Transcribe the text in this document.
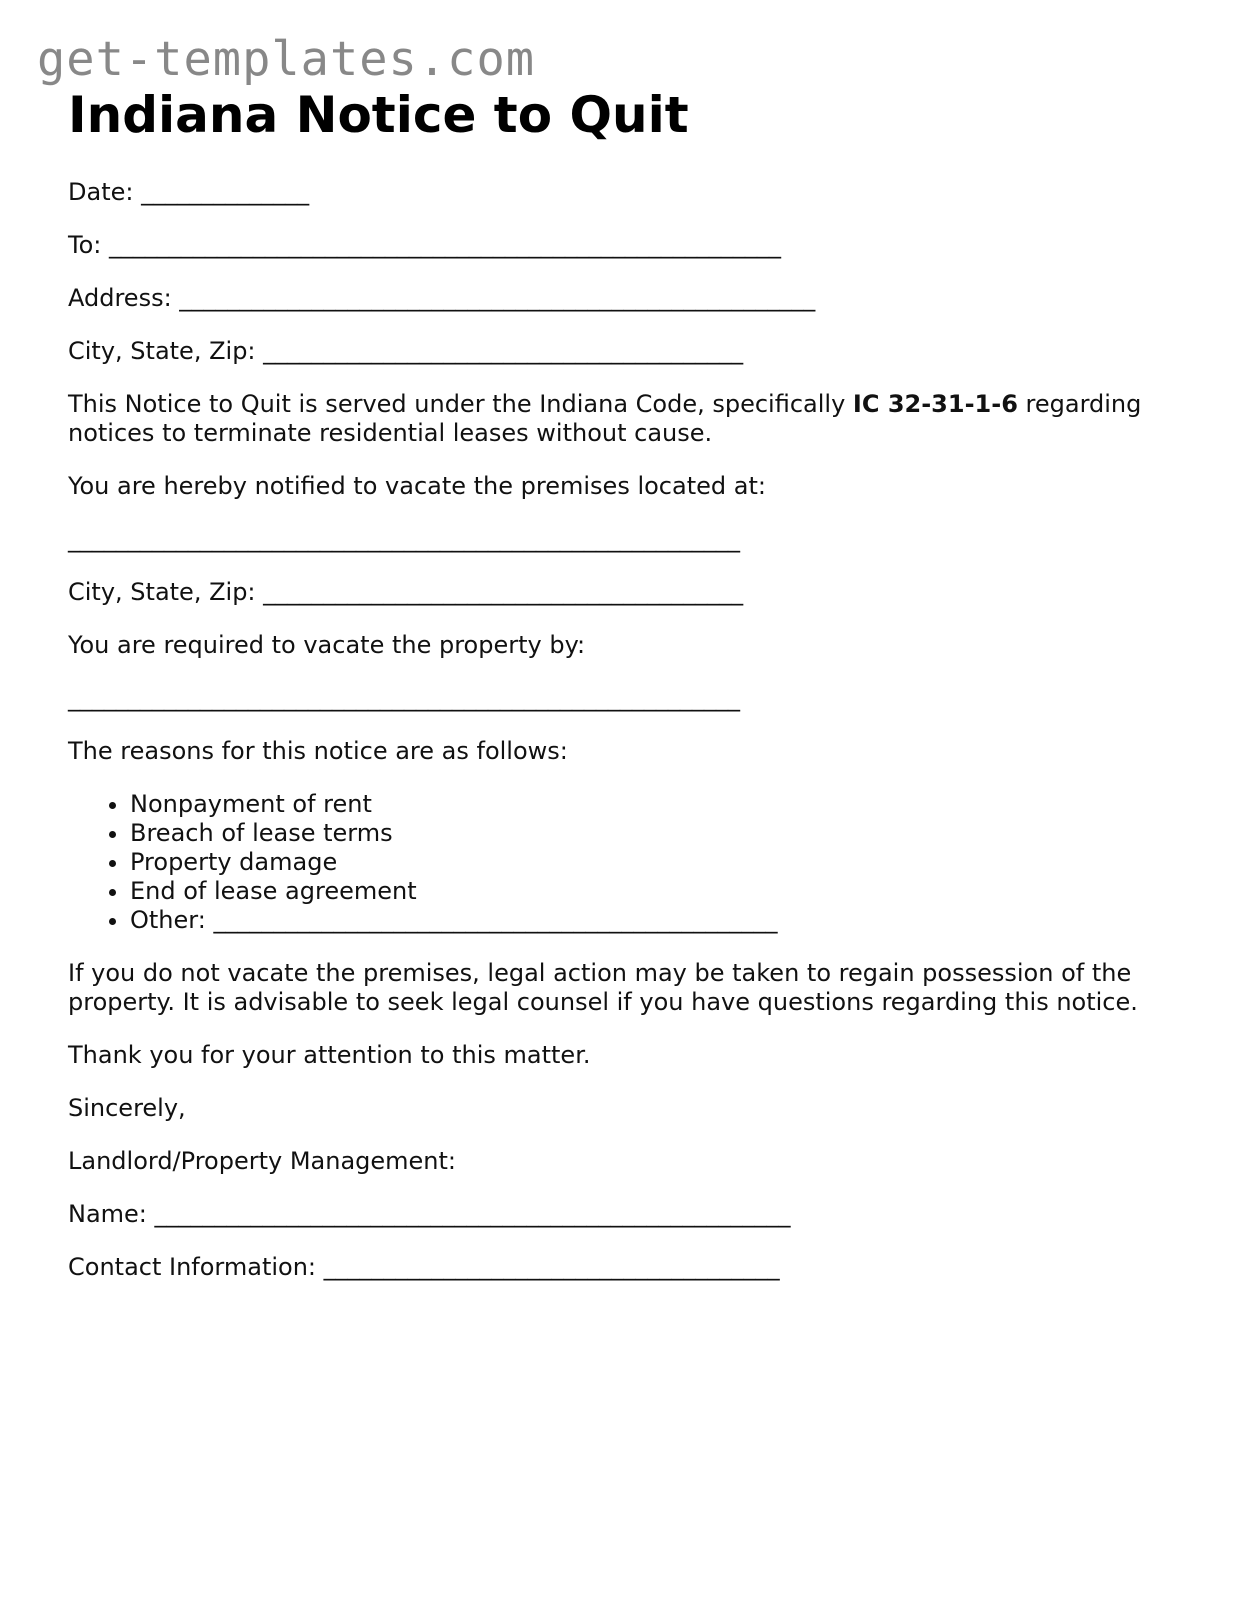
get-templates.com
Indiana Notice to Quit

Date: ______________

To: ________________________________________________________

Address: _____________________________________________________

City, State, Zip: ________________________________________

This Notice to Quit is served under the Indiana Code, specifically IC 32-31-1-6 regarding notices to terminate residential leases without cause.

You are hereby notified to vacate the premises located at:

________________________________________________________

City, State, Zip: ________________________________________

You are required to vacate the property by:

________________________________________________________

The reasons for this notice are as follows:

• Nonpayment of rent
• Breach of lease terms
• Property damage
• End of lease agreement
• Other: _______________________________________________

If you do not vacate the premises, legal action may be taken to regain possession of the property. It is advisable to seek legal counsel if you have questions regarding this notice.

Thank you for your attention to this matter.

Sincerely,

Landlord/Property Management:

Name: _____________________________________________________

Contact Information: ______________________________________
